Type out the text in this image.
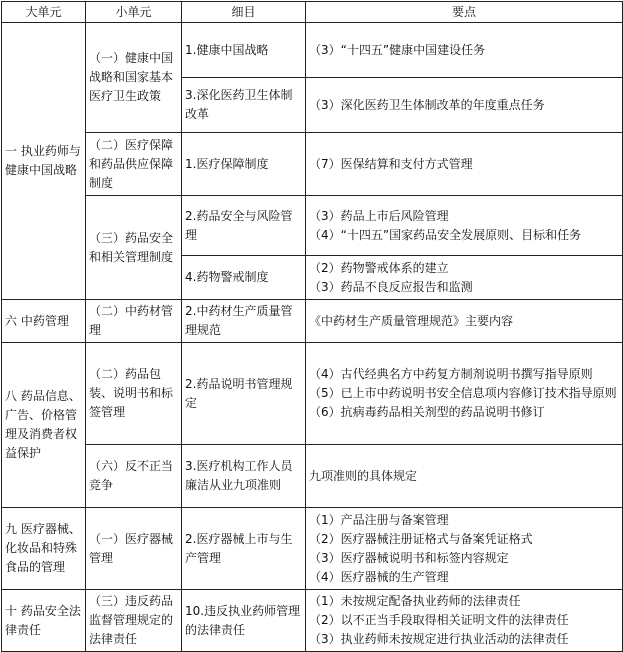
大单元	小单元	细目	要点
一 执业药师与健康中国战略	（一）健康中国战略和国家基本医疗卫生政策	1.健康中国战略	（3）“十四五”健康中国建设任务

		3.深化医药卫生体制改革	（3）深化医药卫生体制改革的年度重点任务

	（二）医疗保障和药品供应保障制度	1.医疗保障制度	（7）医保结算和支付方式管理

	（三）药品安全和相关管理制度	2.药品安全与风险管理	（3）药品上市后风险管理
（4）“十四五”国家药品安全发展原则、目标和任务

		4.药物警戒制度	（2）药物警戒体系的建立
（3）药品不良反应报告和监测

六 中药管理	（二）中药材管理	2.中药材生产质量管理规范	《中药材生产质量管理规范》主要内容

八 药品信息、广告、价格管理及消费者权益保护	（二）药品包装、说明书和标签管理	2.药品说明书管理规定	（4）古代经典名方中药复方制剂说明书撰写指导原则
（5）已上市中药说明书安全信息项内容修订技术指导原则
（6）抗病毒药品相关剂型的药品说明书修订

	（六）反不正当竞争	3.医疗机构工作人员廉洁从业九项准则	九项准则的具体规定

九 医疗器械、化妆品和特殊食品的管理	（一）医疗器械管理	2.医疗器械上市与生产管理	（1）产品注册与备案管理
（2）医疗器械注册证格式与备案凭证格式
（3）医疗器械说明书和标签内容规定
（4）医疗器械的生产管理

十 药品安全法律责任	（三）违反药品监督管理规定的法律责任	10.违反执业药师管理的法律责任	（1）未按规定配备执业药师的法律责任
（2）以不正当手段取得相关证明文件的法律责任
（3）执业药师未按规定进行执业活动的法律责任
